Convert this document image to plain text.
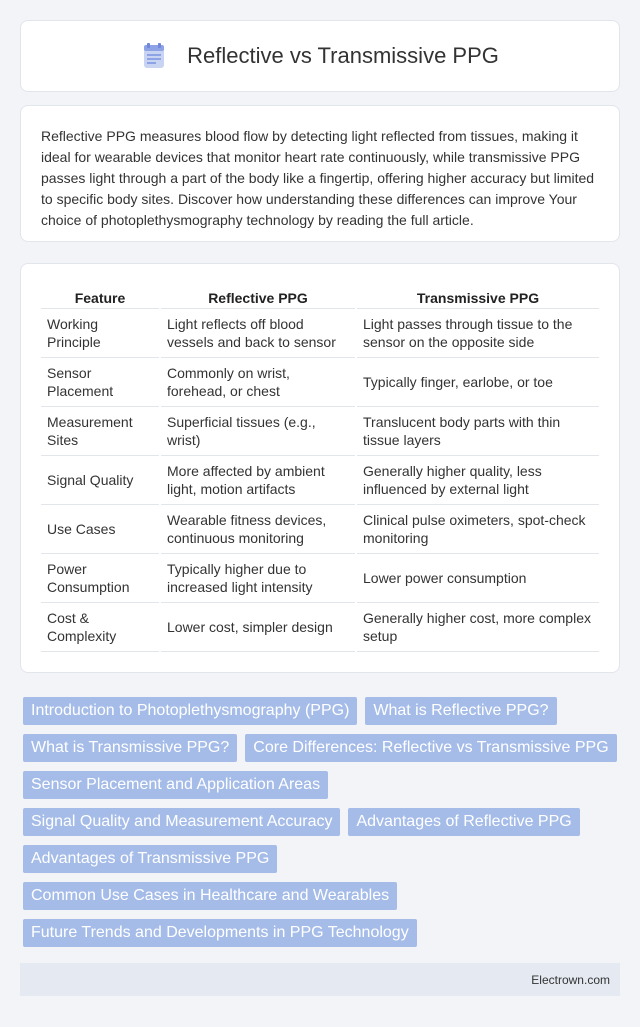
Reflective vs Transmissive PPG

Reflective PPG measures blood flow by detecting light reflected from tissues, making it ideal for wearable devices that monitor heart rate continuously, while transmissive PPG passes light through a part of the body like a fingertip, offering higher accuracy but limited to specific body sites. Discover how understanding these differences can improve Your choice of photoplethysmography technology by reading the full article.

Feature	Reflective PPG	Transmissive PPG
Working Principle	Light reflects off blood vessels and back to sensor	Light passes through tissue to the sensor on the opposite side
Sensor Placement	Commonly on wrist, forehead, or chest	Typically finger, earlobe, or toe
Measurement Sites	Superficial tissues (e.g., wrist)	Translucent body parts with thin tissue layers
Signal Quality	More affected by ambient light, motion artifacts	Generally higher quality, less influenced by external light
Use Cases	Wearable fitness devices, continuous monitoring	Clinical pulse oximeters, spot-check monitoring
Power Consumption	Typically higher due to increased light intensity	Lower power consumption
Cost & Complexity	Lower cost, simpler design	Generally higher cost, more complex setup
Introduction to Photoplethysmography (PPG)	What is Reflective PPG?
What is Transmissive PPG?	Core Differences: Reflective vs Transmissive PPG
Sensor Placement and Application Areas
Signal Quality and Measurement Accuracy	Advantages of Reflective PPG
Advantages of Transmissive PPG
Common Use Cases in Healthcare and Wearables
Future Trends and Developments in PPG Technology
Electrown.com
